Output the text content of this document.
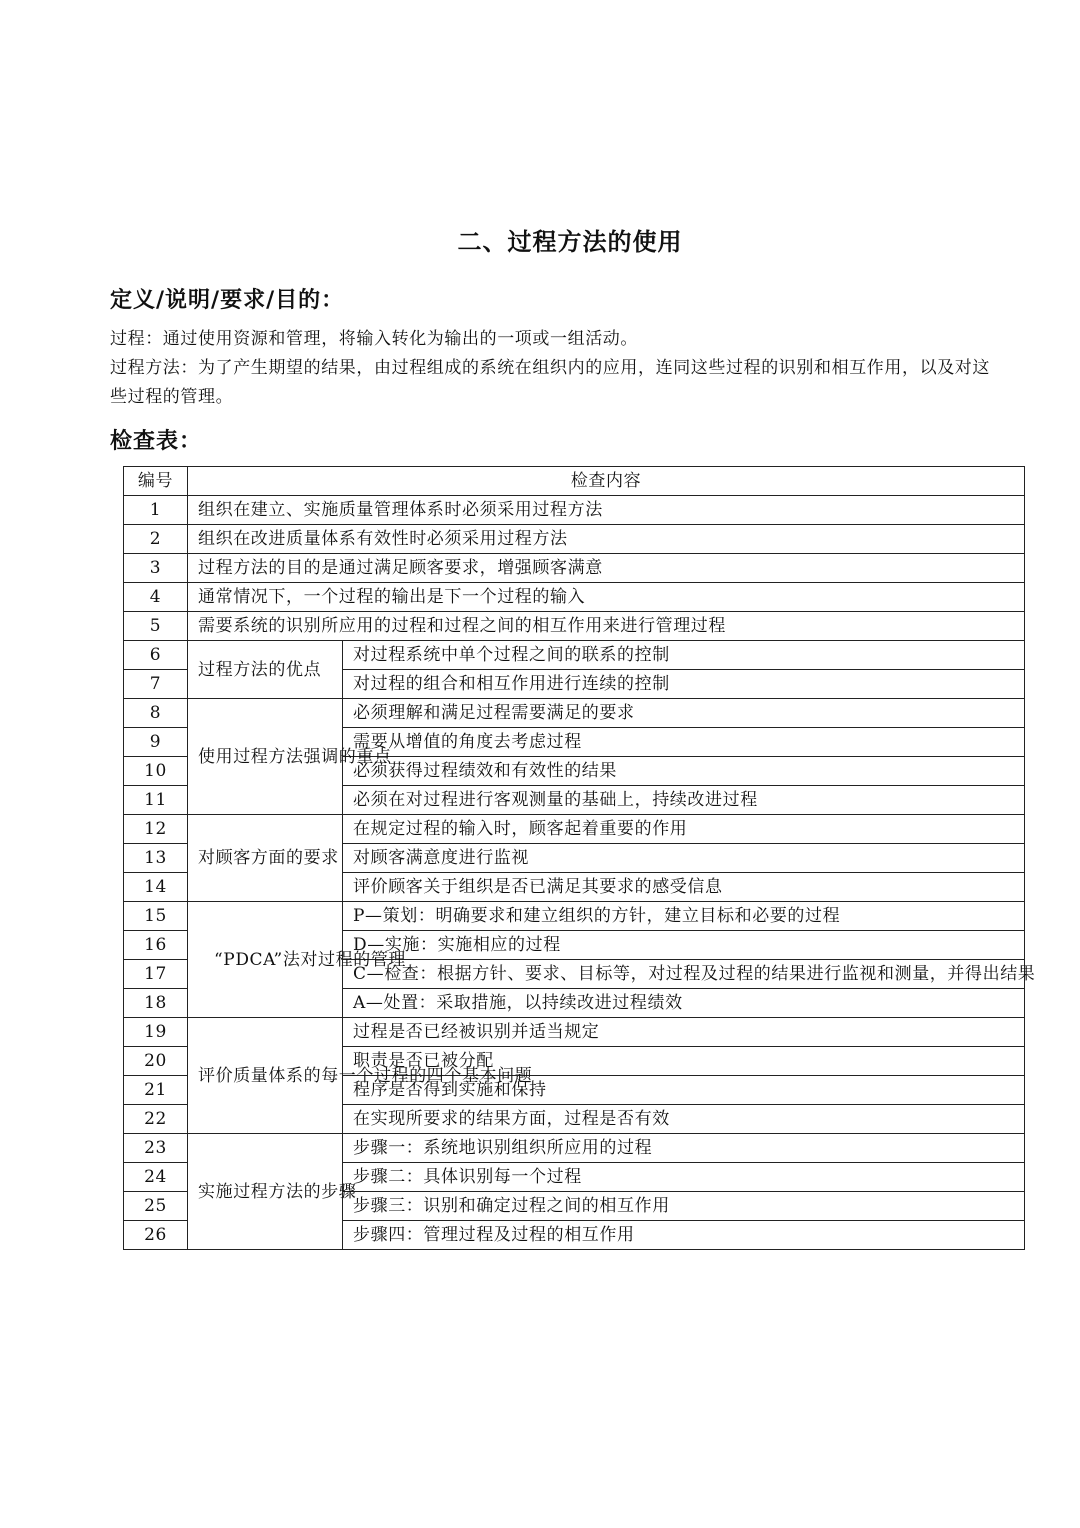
二、过程方法的使用
定义/说明/要求/目的：
过程：通过使用资源和管理，将输入转化为输出的一项或一组活动。
过程方法：为了产生期望的结果，由过程组成的系统在组织内的应用，连同这些过程的识别和相互作用，以及对这些过程的管理。
检查表：
编号	检查内容	
1	组织在建立、实施质量管理体系时必须采用过程方法	
2	组织在改进质量体系有效性时必须采用过程方法	
3	过程方法的目的是通过满足顾客要求，增强顾客满意	
4	通常情况下，一个过程的输出是下一个过程的输入	
5	需要系统的识别所应用的过程和过程之间的相互作用来进行管理过程	
6	过程方法的优点	对过程系统中单个过程之间的联系的控制
7		对过程的组合和相互作用进行连续的控制
8	使用过程方法强调的重点	必须理解和满足过程需要满足的要求
9		需要从增值的角度去考虑过程
10		必须获得过程绩效和有效性的结果
11		必须在对过程进行客观测量的基础上，持续改进过程
12	对顾客方面的要求	在规定过程的输入时，顾客起着重要的作用
13		对顾客满意度进行监视
14		评价顾客关于组织是否已满足其要求的感受信息
15	“PDCA”法对过程的管理	P—策划：明确要求和建立组织的方针，建立目标和必要的过程
16		D—实施：实施相应的过程
17		C—检查：根据方针、要求、目标等，对过程及过程的结果进行监视和测量，并得出结果
18		A—处置：采取措施，以持续改进过程绩效
19	评价质量体系的每一个过程的四个基本问题	过程是否已经被识别并适当规定
20		职责是否已被分配
21		程序是否得到实施和保持
22		在实现所要求的结果方面，过程是否有效
23	实施过程方法的步骤	步骤一：系统地识别组织所应用的过程
24		步骤二：具体识别每一个过程
25		步骤三：识别和确定过程之间的相互作用
26		步骤四：管理过程及过程的相互作用
